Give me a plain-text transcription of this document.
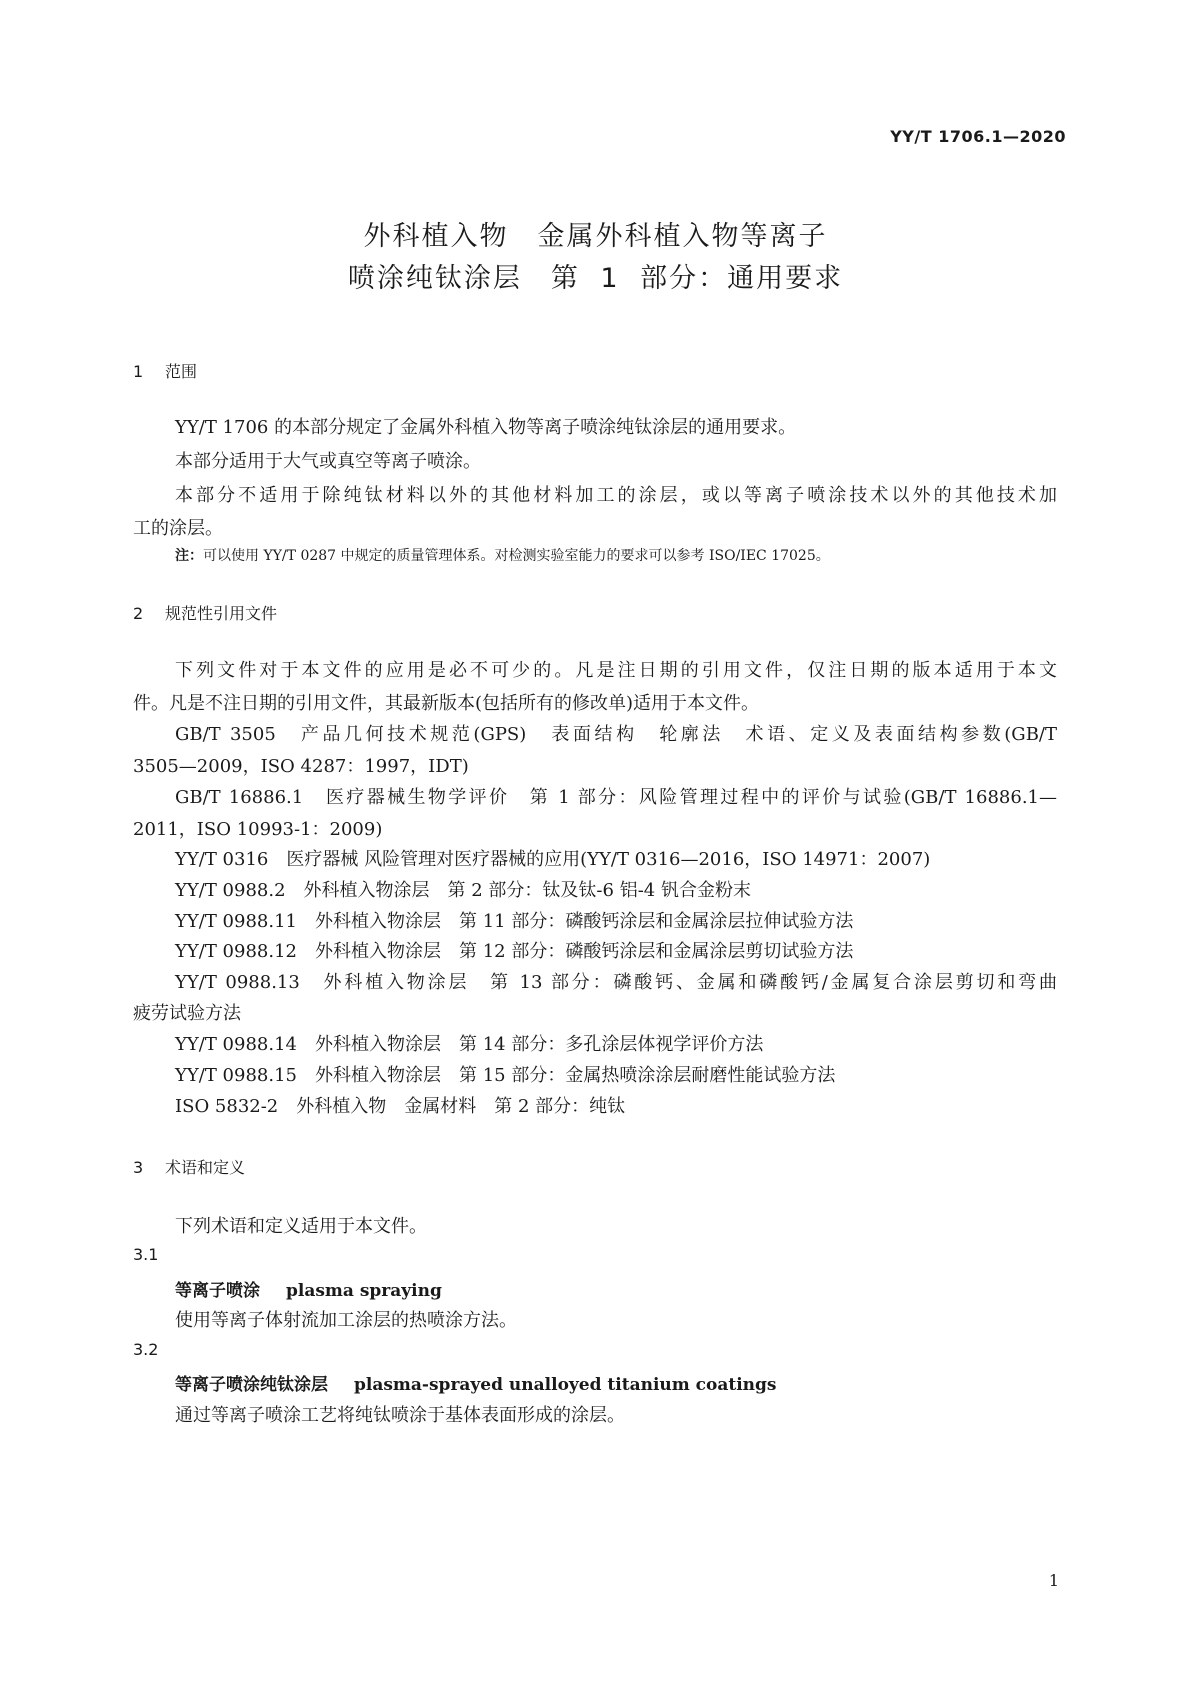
YY/T 1706.1—2020
外科植入物　金属外科植入物等离子
喷涂纯钛涂层　第 1 部分：通用要求
1 范围
YY/T 1706 的本部分规定了金属外科植入物等离子喷涂纯钛涂层的通用要求。
本部分适用于大气或真空等离子喷涂。
本部分不适用于除纯钛材料以外的其他材料加工的涂层，或以等离子喷涂技术以外的其他技术加
工的涂层。
注：可以使用 YY/T 0287 中规定的质量管理体系。对检测实验室能力的要求可以参考 ISO/IEC 17025。
2 规范性引用文件
下列文件对于本文件的应用是必不可少的。凡是注日期的引用文件，仅注日期的版本适用于本文
件。凡是不注日期的引用文件，其最新版本(包括所有的修改单)适用于本文件。
GB/T 3505　产品几何技术规范(GPS)　表面结构　轮廓法　术语、定义及表面结构参数(GB/T
3505—2009，ISO 4287：1997，IDT)
GB/T 16886.1　医疗器械生物学评价　第 1 部分：风险管理过程中的评价与试验(GB/T 16886.1—
2011，ISO 10993-1：2009)
YY/T 0316　医疗器械 风险管理对医疗器械的应用(YY/T 0316—2016，ISO 14971：2007)
YY/T 0988.2　外科植入物涂层　第 2 部分：钛及钛-6 铝-4 钒合金粉末
YY/T 0988.11　外科植入物涂层　第 11 部分：磷酸钙涂层和金属涂层拉伸试验方法
YY/T 0988.12　外科植入物涂层　第 12 部分：磷酸钙涂层和金属涂层剪切试验方法
YY/T 0988.13　外科植入物涂层　第 13 部分：磷酸钙、金属和磷酸钙/金属复合涂层剪切和弯曲
疲劳试验方法
YY/T 0988.14　外科植入物涂层　第 14 部分：多孔涂层体视学评价方法
YY/T 0988.15　外科植入物涂层　第 15 部分：金属热喷涂涂层耐磨性能试验方法
ISO 5832-2　外科植入物　金属材料　第 2 部分：纯钛
3 术语和定义
下列术语和定义适用于本文件。
3.1
等离子喷涂 plasma spraying
使用等离子体射流加工涂层的热喷涂方法。
3.2
等离子喷涂纯钛涂层 plasma-sprayed unalloyed titanium coatings
通过等离子喷涂工艺将纯钛喷涂于基体表面形成的涂层。
1
